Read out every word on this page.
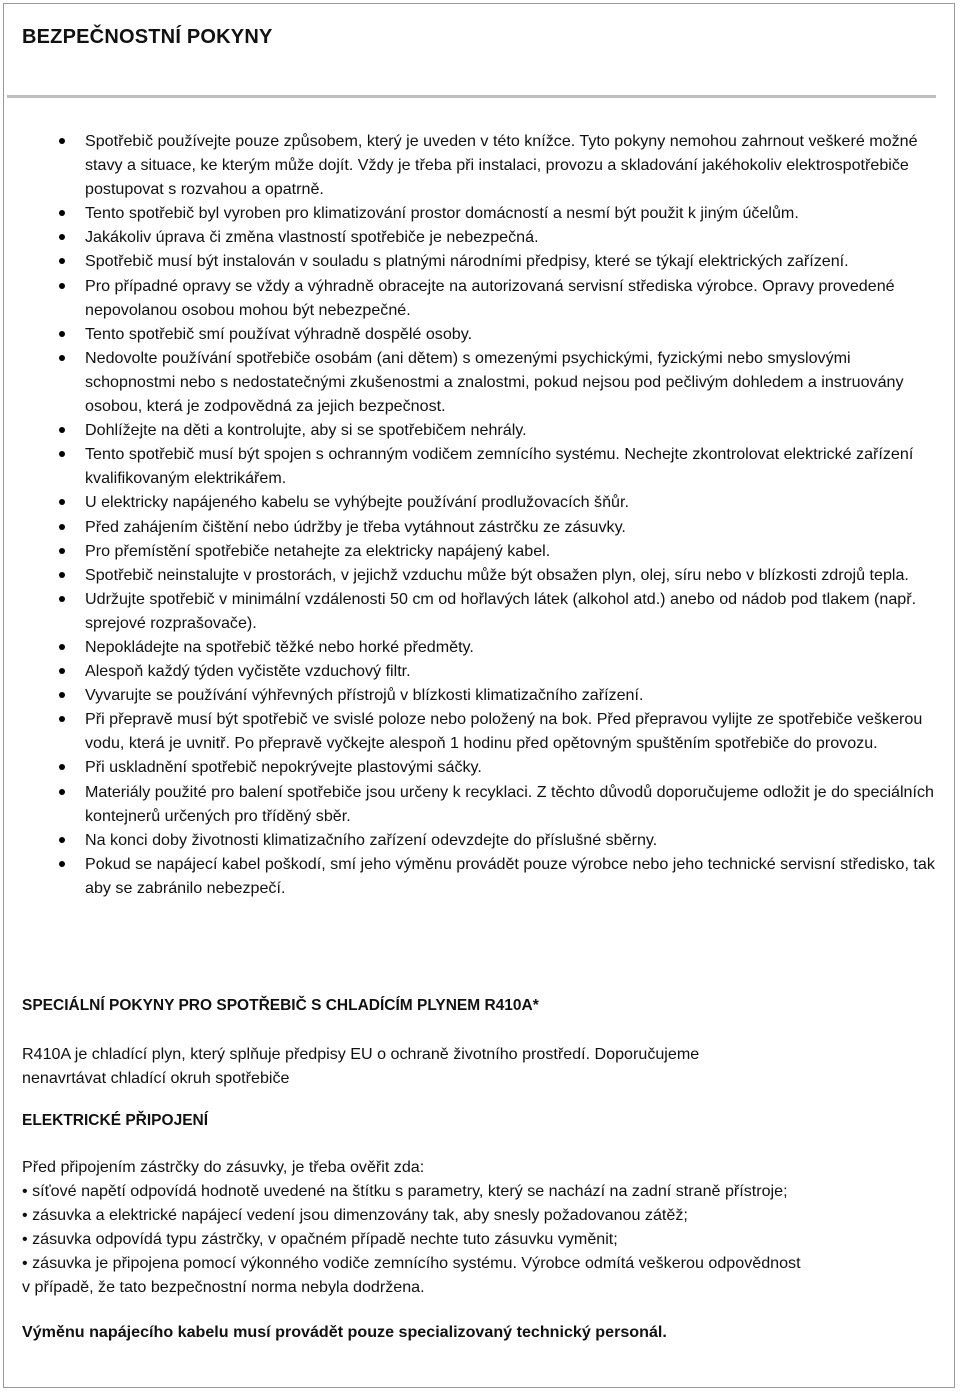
BEZPEČNOSTNÍ POKYNY
Spotřebič používejte pouze způsobem, který je uveden v této knížce. Tyto pokyny nemohou zahrnout veškeré možné stavy a situace, ke kterým může dojít. Vždy je třeba při instalaci, provozu a skladování jakéhokoliv elektrospotřebiče postupovat s rozvahou a opatrně.
Tento spotřebič byl vyroben pro klimatizování prostor domácností a nesmí být použit k jiným účelům.
Jakákoliv úprava či změna vlastností spotřebiče je nebezpečná.
Spotřebič musí být instalován v souladu s platnými národními předpisy, které se týkají elektrických zařízení.
Pro případné opravy se vždy a výhradně obracejte na autorizovaná servisní střediska výrobce. Opravy provedené nepovolanou osobou mohou být nebezpečné.
Tento spotřebič smí používat výhradně dospělé osoby.
Nedovolte používání spotřebiče osobám (ani dětem) s omezenými psychickými, fyzickými nebo smyslovými schopnostmi nebo s nedostatečnými zkušenostmi a znalostmi, pokud nejsou pod pečlivým dohledem a instruovány osobou, která je zodpovědná za jejich bezpečnost.
Dohlížejte na děti a kontrolujte, aby si se spotřebičem nehrály.
Tento spotřebič musí být spojen s ochranným vodičem zemnícího systému. Nechejte zkontrolovat elektrické zařízení kvalifikovaným elektrikářem.
U elektricky napájeného kabelu se vyhýbejte používání prodlužovacích šňůr.
Před zahájením čištění nebo údržby je třeba vytáhnout zástrčku ze zásuvky.
Pro přemístění spotřebiče netahejte za elektricky napájený kabel.
Spotřebič neinstalujte v prostorách, v jejichž vzduchu může být obsažen plyn, olej, síru nebo v blízkosti zdrojů tepla.
Udržujte spotřebič v minimální vzdálenosti 50 cm od hořlavých látek (alkohol atd.) anebo od nádob pod tlakem (např. sprejové rozprašovače).
Nepokládejte na spotřebič těžké nebo horké předměty.
Alespoň každý týden vyčistěte vzduchový filtr.
Vyvarujte se používání výhřevných přístrojů v blízkosti klimatizačního zařízení.
Při přepravě musí být spotřebič ve svislé poloze nebo položený na bok. Před přepravou vylijte ze spotřebiče veškerou vodu, která je uvnitř. Po přepravě vyčkejte alespoň 1 hodinu před opětovným spuštěním spotřebiče do provozu.
Při uskladnění spotřebič nepokrývejte plastovými sáčky.
Materiály použité pro balení spotřebiče jsou určeny k recyklaci. Z těchto důvodů doporučujeme odložit je do speciálních kontejnerů určených pro tříděný sběr.
Na konci doby životnosti klimatizačního zařízení odevzdejte do příslušné sběrny.
Pokud se napájecí kabel poškodí, smí jeho výměnu provádět pouze výrobce nebo jeho technické servisní středisko, tak aby se zabránilo nebezpečí.
SPECIÁLNÍ POKYNY PRO SPOTŘEBIČ S CHLADÍCÍM PLYNEM R410A*
R410A je chladící plyn, který splňuje předpisy EU o ochraně životního prostředí. Doporučujeme
nenavrtávat chladící okruh spotřebiče
ELEKTRICKÉ PŘIPOJENÍ
Před připojením zástrčky do zásuvky, je třeba ověřit zda:
• síťové napětí odpovídá hodnotě uvedené na štítku s parametry, který se nachází na zadní straně přístroje;
• zásuvka a elektrické napájecí vedení jsou dimenzovány tak, aby snesly požadovanou zátěž;
• zásuvka odpovídá typu zástrčky, v opačném případě nechte tuto zásuvku vyměnit;
• zásuvka je připojena pomocí výkonného vodiče zemnícího systému. Výrobce odmítá veškerou odpovědnost
v případě, že tato bezpečnostní norma nebyla dodržena.

Výměnu napájecího kabelu musí provádět pouze specializovaný technický personál.
